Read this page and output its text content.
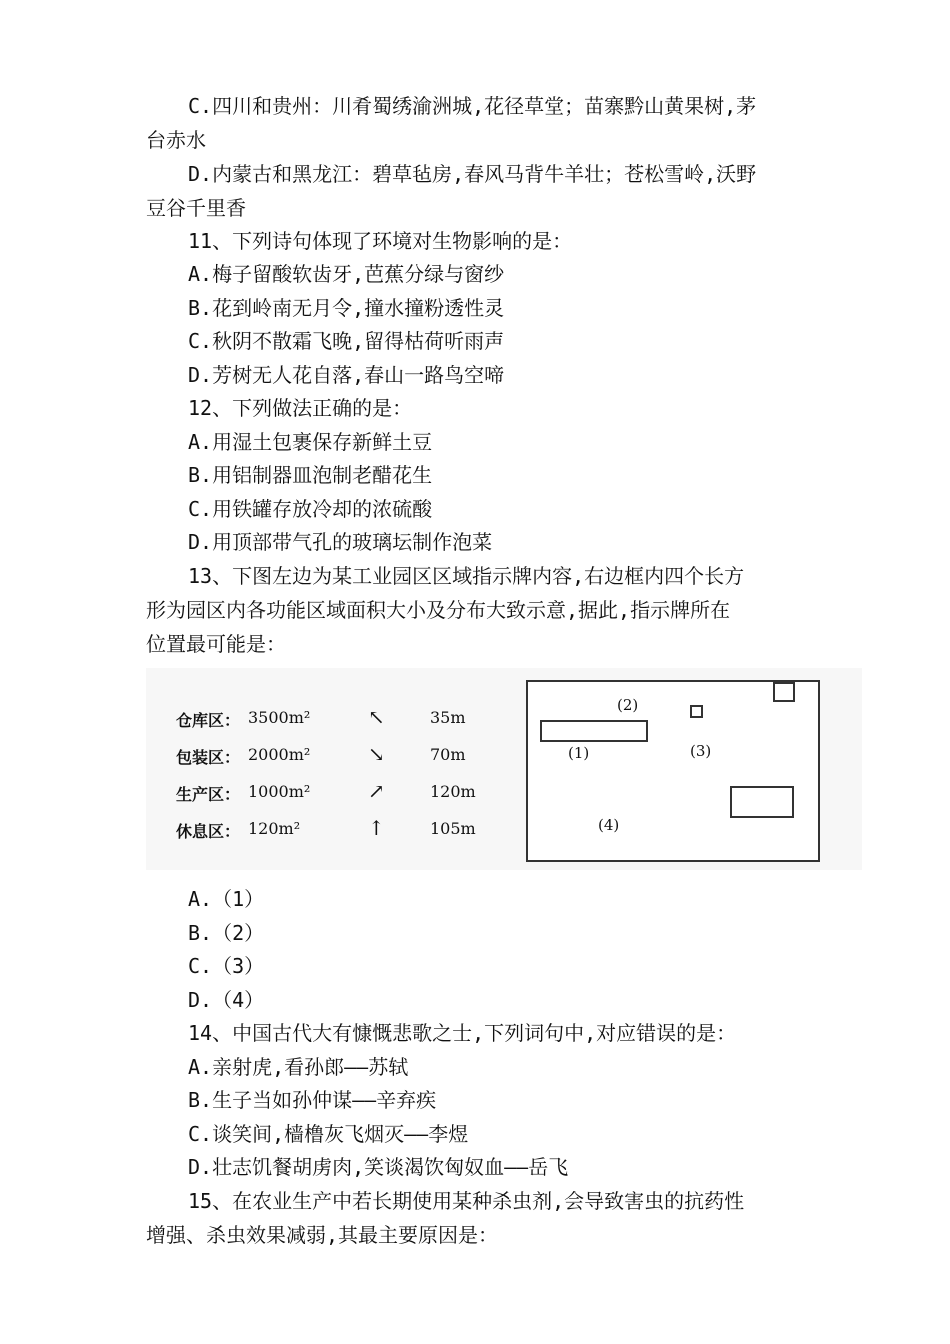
C.四川和贵州：川肴蜀绣渝洲城,花径草堂；苗寨黔山黄果树,茅
台赤水
D.内蒙古和黑龙江：碧草毡房,春风马背牛羊壮；苍松雪岭,沃野
豆谷千里香
11、下列诗句体现了环境对生物影响的是：
A.梅子留酸软齿牙,芭蕉分绿与窗纱
B.花到岭南无月令,撞水撞粉透性灵
C.秋阴不散霜飞晚,留得枯荷听雨声
D.芳树无人花自落,春山一路鸟空啼
12、下列做法正确的是：
A.用湿土包裹保存新鲜土豆
B.用铝制器皿泡制老醋花生
C.用铁罐存放冷却的浓硫酸
D.用顶部带气孔的玻璃坛制作泡菜
13、下图左边为某工业园区区域指示牌内容,右边框内四个长方
形为园区内各功能区域面积大小及分布大致示意,据此,指示牌所在
位置最可能是：
仓库区： 3500m²	↖	35m
包装区： 2000m²	↘	70m
生产区： 1000m²	↗	120m
休息区： 120m²	↑	105m
(1)
(2)
(3)
(4)
A.（1）
B.（2）
C.（3）
D.（4）
14、中国古代大有慷慨悲歌之士,下列词句中,对应错误的是：
A.亲射虎,看孙郎——苏轼
B.生子当如孙仲谋——辛弃疾
C.谈笑间,樯橹灰飞烟灭——李煜
D.壮志饥餐胡虏肉,笑谈渴饮匈奴血——岳飞
15、在农业生产中若长期使用某种杀虫剂,会导致害虫的抗药性
增强、杀虫效果减弱,其最主要原因是：
